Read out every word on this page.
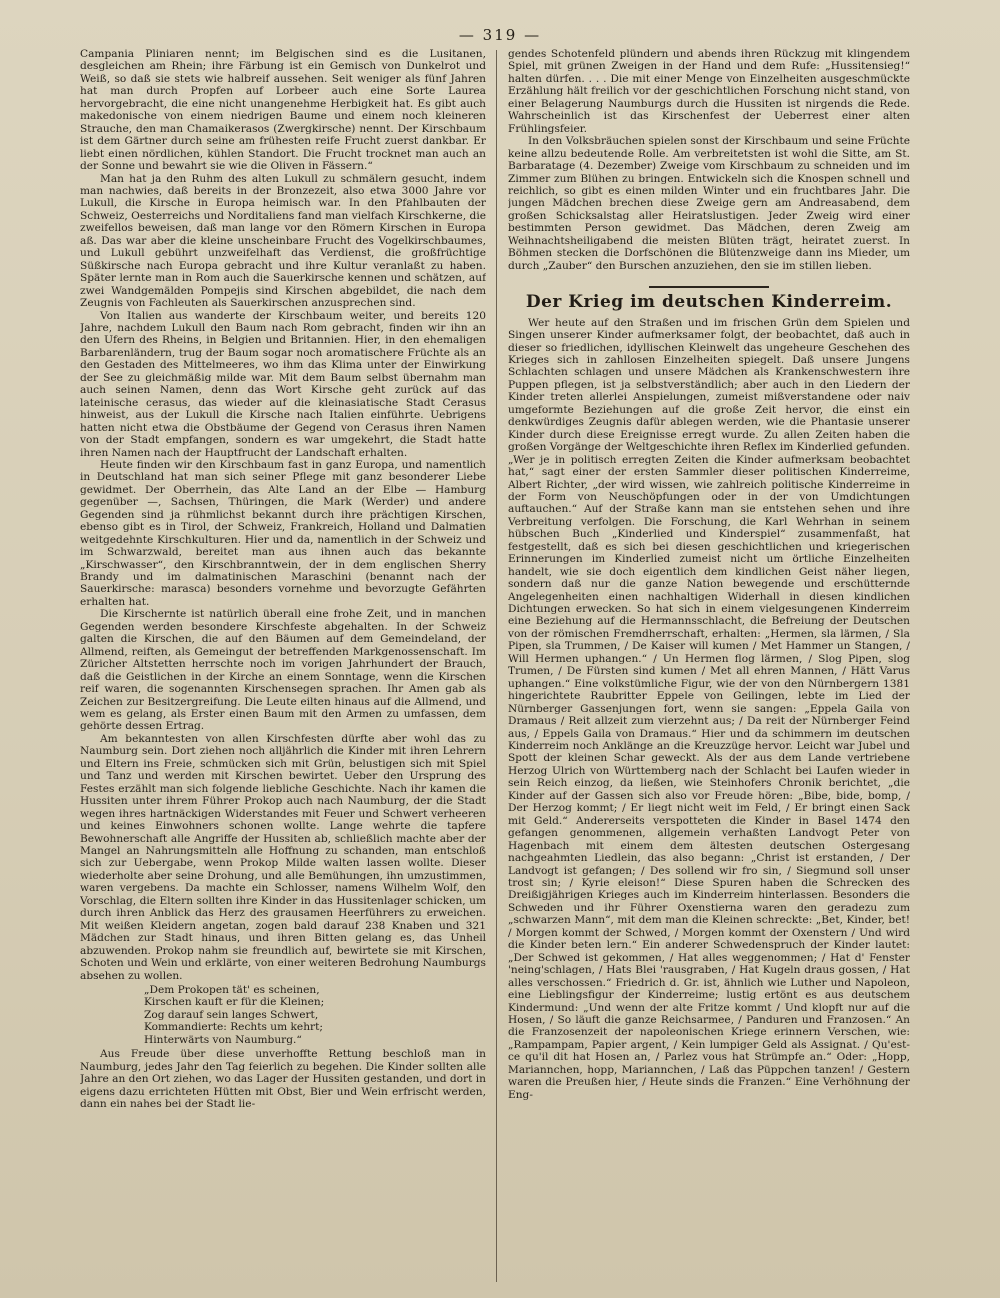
— 319 —

Campania Pliniaren nennt; im Belgischen sind es die Lusitanen, desgleichen am Rhein; ihre Färbung ist ein Gemisch von Dunkelrot und Weiß, so daß sie stets wie halbreif aussehen. Seit weniger als fünf Jahren hat man durch Propfen auf Lorbeer auch eine Sorte Laurea hervorgebracht, die eine nicht unangenehme Herbigkeit hat. Es gibt auch makedonische von einem niedrigen Baume und einem noch kleineren Strauche, den man Chamaikerasos (Zwergkirsche) nennt. Der Kirschbaum ist dem Gärtner durch seine am frühesten reife Frucht zuerst dankbar. Er liebt einen nördlichen, kühlen Standort. Die Frucht trocknet man auch an der Sonne und bewahrt sie wie die Oliven in Fässern.“

Man hat ja den Ruhm des alten Lukull zu schmälern gesucht, indem man nachwies, daß bereits in der Bronzezeit, also etwa 3000 Jahre vor Lukull, die Kirsche in Europa heimisch war. In den Pfahlbauten der Schweiz, Oesterreichs und Norditaliens fand man vielfach Kirschkerne, die zweifellos beweisen, daß man lange vor den Römern Kirschen in Europa aß. Das war aber die kleine unscheinbare Frucht des Vogelkirschbaumes, und Lukull gebührt unzweifelhaft das Verdienst, die großfrüchtige Süßkirsche nach Europa gebracht und ihre Kultur veranlaßt zu haben. Später lernte man in Rom auch die Sauerkirsche kennen und schätzen, auf zwei Wandgemälden Pompejis sind Kirschen abgebildet, die nach dem Zeugnis von Fachleuten als Sauerkirschen anzusprechen sind.

Von Italien aus wanderte der Kirschbaum weiter, und bereits 120 Jahre, nachdem Lukull den Baum nach Rom gebracht, finden wir ihn an den Ufern des Rheins, in Belgien und Britannien. Hier, in den ehemaligen Barbarenländern, trug der Baum sogar noch aromatischere Früchte als an den Gestaden des Mittelmeeres, wo ihm das Klima unter der Einwirkung der See zu gleichmäßig milde war. Mit dem Baum selbst übernahm man auch seinen Namen, denn das Wort Kirsche geht zurück auf das lateinische cerasus, das wieder auf die kleinasiatische Stadt Cerasus hinweist, aus der Lukull die Kirsche nach Italien einführte. Uebrigens hatten nicht etwa die Obstbäume der Gegend von Cerasus ihren Namen von der Stadt empfangen, sondern es war umgekehrt, die Stadt hatte ihren Namen nach der Hauptfrucht der Landschaft erhalten.

Heute finden wir den Kirschbaum fast in ganz Europa, und namentlich in Deutschland hat man sich seiner Pflege mit ganz besonderer Liebe gewidmet. Der Oberrhein, das Alte Land an der Elbe — Hamburg gegenüber —, Sachsen, Thüringen, die Mark (Werder) und andere Gegenden sind ja rühmlichst bekannt durch ihre prächtigen Kirschen, ebenso gibt es in Tirol, der Schweiz, Frankreich, Holland und Dalmatien weitgedehnte Kirschkulturen. Hier und da, namentlich in der Schweiz und im Schwarzwald, bereitet man aus ihnen auch das bekannte „Kirschwasser“, den Kirschbranntwein, der in dem englischen Sherry Brandy und im dalmatinischen Maraschini (benannt nach der Sauerkirsche: marasca) besonders vornehme und bevorzugte Gefährten erhalten hat.

Die Kirschernte ist natürlich überall eine frohe Zeit, und in manchen Gegenden werden besondere Kirschfeste abgehalten. In der Schweiz galten die Kirschen, die auf den Bäumen auf dem Gemeindeland, der Allmend, reiften, als Gemeingut der betreffenden Markgenossenschaft. Im Züricher Altstetten herrschte noch im vorigen Jahrhundert der Brauch, daß die Geistlichen in der Kirche an einem Sonntage, wenn die Kirschen reif waren, die sogenannten Kirschensegen sprachen. Ihr Amen gab als Zeichen zur Besitzergreifung. Die Leute eilten hinaus auf die Allmend, und wem es gelang, als Erster einen Baum mit den Armen zu umfassen, dem gehörte dessen Ertrag.

Am bekanntesten von allen Kirschfesten dürfte aber wohl das zu Naumburg sein. Dort ziehen noch alljährlich die Kinder mit ihren Lehrern und Eltern ins Freie, schmücken sich mit Grün, belustigen sich mit Spiel und Tanz und werden mit Kirschen bewirtet. Ueber den Ursprung des Festes erzählt man sich folgende liebliche Geschichte. Nach ihr kamen die Hussiten unter ihrem Führer Prokop auch nach Naumburg, der die Stadt wegen ihres hartnäckigen Widerstandes mit Feuer und Schwert verheeren und keines Einwohners schonen wollte. Lange wehrte die tapfere Bewohnerschaft alle Angriffe der Hussiten ab, schließlich machte aber der Mangel an Nahrungsmitteln alle Hoffnung zu schanden, man entschloß sich zur Uebergabe, wenn Prokop Milde walten lassen wollte. Dieser wiederholte aber seine Drohung, und alle Bemühungen, ihn umzustimmen, waren vergebens. Da machte ein Schlosser, namens Wilhelm Wolf, den Vorschlag, die Eltern sollten ihre Kinder in das Hussitenlager schicken, um durch ihren Anblick das Herz des grausamen Heerführers zu erweichen. Mit weißen Kleidern angetan, zogen bald darauf 238 Knaben und 321 Mädchen zur Stadt hinaus, und ihren Bitten gelang es, das Unheil abzuwenden. Prokop nahm sie freundlich auf, bewirtete sie mit Kirschen, Schoten und Wein und erklärte, von einer weiteren Bedrohung Naumburgs absehen zu wollen.

„Dem Prokopen tät' es scheinen,
Kirschen kauft er für die Kleinen;
Zog darauf sein langes Schwert,
Kommandierte: Rechts um kehrt;
Hinterwärts von Naumburg.“

Aus Freude über diese unverhoffte Rettung beschloß man in Naumburg, jedes Jahr den Tag feierlich zu begehen. Die Kinder sollten alle Jahre an den Ort ziehen, wo das Lager der Hussiten gestanden, und dort in eigens dazu errichteten Hütten mit Obst, Bier und Wein erfrischt werden, dann ein nahes bei der Stadt lie-

gendes Schotenfeld plündern und abends ihren Rückzug mit klingendem Spiel, mit grünen Zweigen in der Hand und dem Rufe: „Hussitensieg!“ halten dürfen. . . . Die mit einer Menge von Einzelheiten ausgeschmückte Erzählung hält freilich vor der geschichtlichen Forschung nicht stand, von einer Belagerung Naumburgs durch die Hussiten ist nirgends die Rede. Wahrscheinlich ist das Kirschenfest der Ueberrest einer alten Frühlingsfeier.

In den Volksbräuchen spielen sonst der Kirschbaum und seine Früchte keine allzu bedeutende Rolle. Am verbreitetsten ist wohl die Sitte, am St. Barbaratage (4. Dezember) Zweige vom Kirschbaum zu schneiden und im Zimmer zum Blühen zu bringen. Entwickeln sich die Knospen schnell und reichlich, so gibt es einen milden Winter und ein fruchtbares Jahr. Die jungen Mädchen brechen diese Zweige gern am Andreasabend, dem großen Schicksalstag aller Heiratslustigen. Jeder Zweig wird einer bestimmten Person gewidmet. Das Mädchen, deren Zweig am Weihnachtsheiligabend die meisten Blüten trägt, heiratet zuerst. In Böhmen stecken die Dorfschönen die Blütenzweige dann ins Mieder, um durch „Zauber“ den Burschen anzuziehen, den sie im stillen lieben.

Der Krieg im deutschen Kinderreim.

Wer heute auf den Straßen und im frischen Grün dem Spielen und Singen unserer Kinder aufmerksamer folgt, der beobachtet, daß auch in dieser so friedlichen, idyllischen Kleinwelt das ungeheure Geschehen des Krieges sich in zahllosen Einzelheiten spiegelt. Daß unsere Jungens Schlachten schlagen und unsere Mädchen als Krankenschwestern ihre Puppen pflegen, ist ja selbstverständlich; aber auch in den Liedern der Kinder treten allerlei Anspielungen, zumeist mißverstandene oder naiv umgeformte Beziehungen auf die große Zeit hervor, die einst ein denkwürdiges Zeugnis dafür ablegen werden, wie die Phantasie unserer Kinder durch diese Ereignisse erregt wurde. Zu allen Zeiten haben die großen Vorgänge der Weltgeschichte ihren Reflex im Kinderlied gefunden. „Wer je in politisch erregten Zeiten die Kinder aufmerksam beobachtet hat,“ sagt einer der ersten Sammler dieser politischen Kinderreime, Albert Richter, „der wird wissen, wie zahlreich politische Kinderreime in der Form von Neuschöpfungen oder in der von Umdichtungen auftauchen.“ Auf der Straße kann man sie entstehen sehen und ihre Verbreitung verfolgen. Die Forschung, die Karl Wehrhan in seinem hübschen Buch „Kinderlied und Kinderspiel“ zusammenfaßt, hat festgestellt, daß es sich bei diesen geschichtlichen und kriegerischen Erinnerungen im Kinderlied zumeist nicht um örtliche Einzelheiten handelt, wie sie doch eigentlich dem kindlichen Geist näher liegen, sondern daß nur die ganze Nation bewegende und erschütternde Angelegenheiten einen nachhaltigen Widerhall in diesen kindlichen Dichtungen erwecken. So hat sich in einem vielgesungenen Kinderreim eine Beziehung auf die Hermannsschlacht, die Befreiung der Deutschen von der römischen Fremdherrschaft, erhalten: „Hermen, sla lärmen, / Sla Pipen, sla Trummen, / De Kaiser will kumen / Met Hammer un Stangen, / Will Hermen uphangen.“ / Un Hermen flog lärmen, / Slog Pipen, slog Trumen, / De Fürsten sind kumen / Met all ehren Mannen, / Hätt Varus uphangen.“ Eine volkstümliche Figur, wie der von den Nürnbergern 1381 hingerichtete Raubritter Eppele von Geilingen, lebte im Lied der Nürnberger Gassenjungen fort, wenn sie sangen: „Eppela Gaila von Dramaus / Reit allzeit zum vierzehnt aus; / Da reit der Nürnberger Feind aus, / Eppels Gaila von Dramaus.“ Hier und da schimmern im deutschen Kinderreim noch Anklänge an die Kreuzzüge hervor. Leicht war Jubel und Spott der kleinen Schar geweckt. Als der aus dem Lande vertriebene Herzog Ulrich von Württemberg nach der Schlacht bei Laufen wieder in sein Reich einzog, da ließen, wie Steinhofers Chronik berichtet, „die Kinder auf der Gassen sich also vor Freude hören: „Bibe, bide, bomp, / Der Herzog kommt; / Er liegt nicht weit im Feld, / Er bringt einen Sack mit Geld.“ Andererseits verspotteten die Kinder in Basel 1474 den gefangen genommenen, allgemein verhaßten Landvogt Peter von Hagenbach mit einem dem ältesten deutschen Ostergesang nachgeahmten Liedlein, das also begann: „Christ ist erstanden, / Der Landvogt ist gefangen; / Des sollend wir fro sin, / Siegmund soll unser trost sin; / Kyrie eleison!“ Diese Spuren haben die Schrecken des Dreißigjährigen Krieges auch im Kinderreim hinterlassen. Besonders die Schweden und ihr Führer Oxenstierna waren den geradezu zum „schwarzen Mann“, mit dem man die Kleinen schreckte: „Bet, Kinder, bet! / Morgen kommt der Schwed, / Morgen kommt der Oxenstern / Und wird die Kinder beten lern.“ Ein anderer Schwedenspruch der Kinder lautet: „Der Schwed ist gekommen, / Hat alles weggenommen; / Hat d' Fenster 'neing'schlagen, / Hats Blei 'rausgraben, / Hat Kugeln draus gossen, / Hat alles verschossen.“ Friedrich d. Gr. ist, ähnlich wie Luther und Napoleon, eine Lieblingsfigur der Kinderreime; lustig ertönt es aus deutschem Kindermund: „Und wenn der alte Fritze kommt / Und klopft nur auf die Hosen, / So läuft die ganze Reichsarmee, / Panduren und Franzosen.“ An die Franzosenzeit der napoleonischen Kriege erinnern Verschen, wie: „Rampampam, Papier argent, / Kein lumpiger Geld als Assignat. / Qu'est-ce qu'il dit hat Hosen an, / Parlez vous hat Strümpfe an.“ Oder: „Hopp, Mariannchen, hopp, Mariannchen, / Laß das Püppchen tanzen! / Gestern waren die Preußen hier, / Heute sinds die Franzen.“ Eine Verhöhnung der Eng-
